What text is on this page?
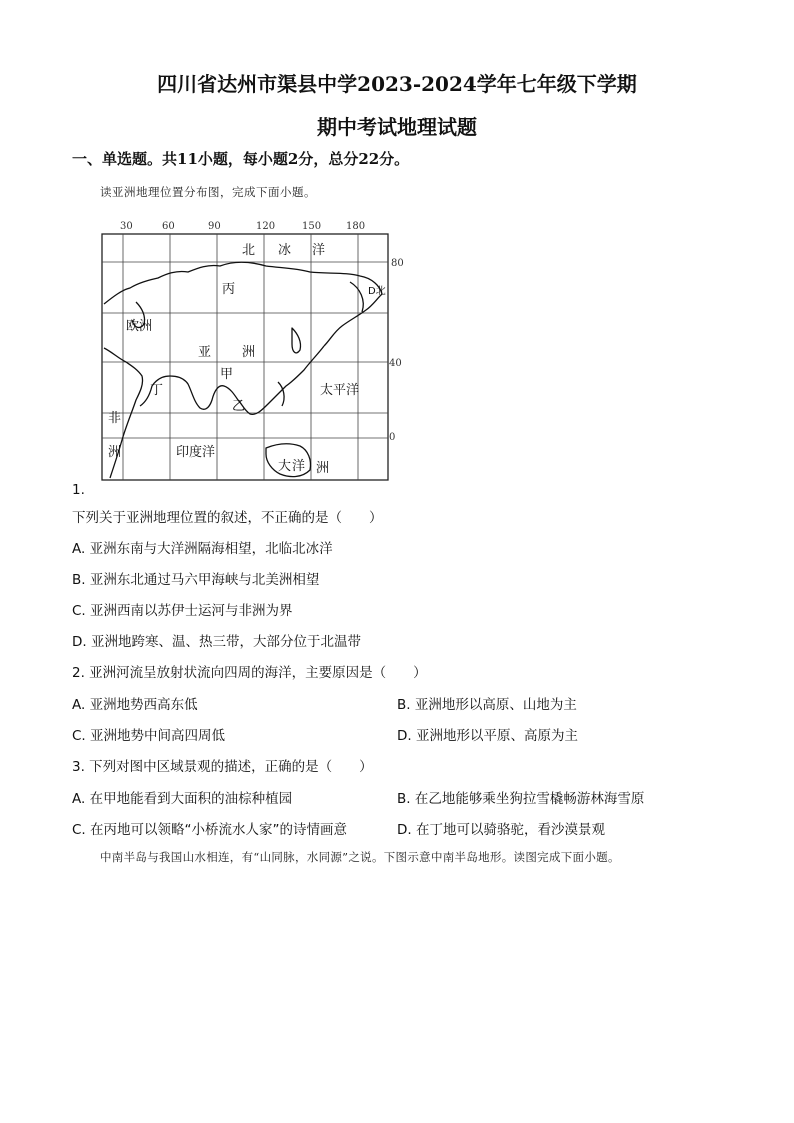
四川省达州市渠县中学2023-2024学年七年级下学期
期中考试地理试题
一、单选题。共11小题，每小题2分，总分22分。
读亚洲地理位置分布图，完成下面小题。
30	60	90	120	150 180
80
40
0
北 冰 洋
欧洲
丙
亚 洲
甲
丁
乙
太平洋
非
洲	印度洋
大 洋 洲
D北
1.
下列关于亚洲地理位置的叙述，不正确的是（　　）
A. 亚洲东南与大洋洲隔海相望，北临北冰洋
B. 亚洲东北通过马六甲海峡与北美洲相望
C. 亚洲西南以苏伊士运河与非洲为界
D. 亚洲地跨寒、温、热三带，大部分位于北温带
2. 亚洲河流呈放射状流向四周的海洋，主要原因是（　　）
A. 亚洲地势西高东低	B. 亚洲地形以高原、山地为主
C. 亚洲地势中间高四周低	D. 亚洲地形以平原、高原为主
3. 下列对图中区域景观的描述，正确的是（　　）
A. 在甲地能看到大面积的油棕种植园	B. 在乙地能够乘坐狗拉雪橇畅游林海雪原
C. 在丙地可以领略“小桥流水人家”的诗情画意	D. 在丁地可以骑骆驼，看沙漠景观
中南半岛与我国山水相连，有“山同脉，水同源”之说。下图示意中南半岛地形。读图完成下面小题。
